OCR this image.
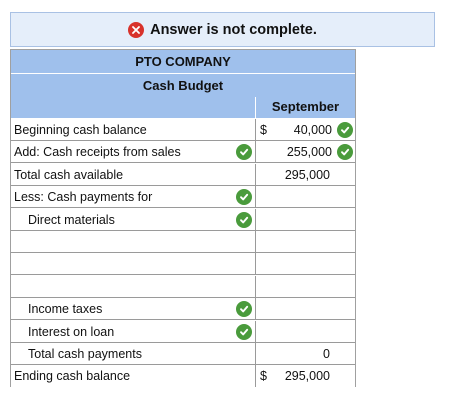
Answer is not complete.
PTO COMPANY
Cash Budget
September
Beginning cash balance	$ 40,000
Add: Cash receipts from sales	255,000
Total cash available	295,000
Less: Cash payments for
Direct materials
Income taxes
Interest on loan
Total cash payments	0
Ending cash balance	$ 295,000
